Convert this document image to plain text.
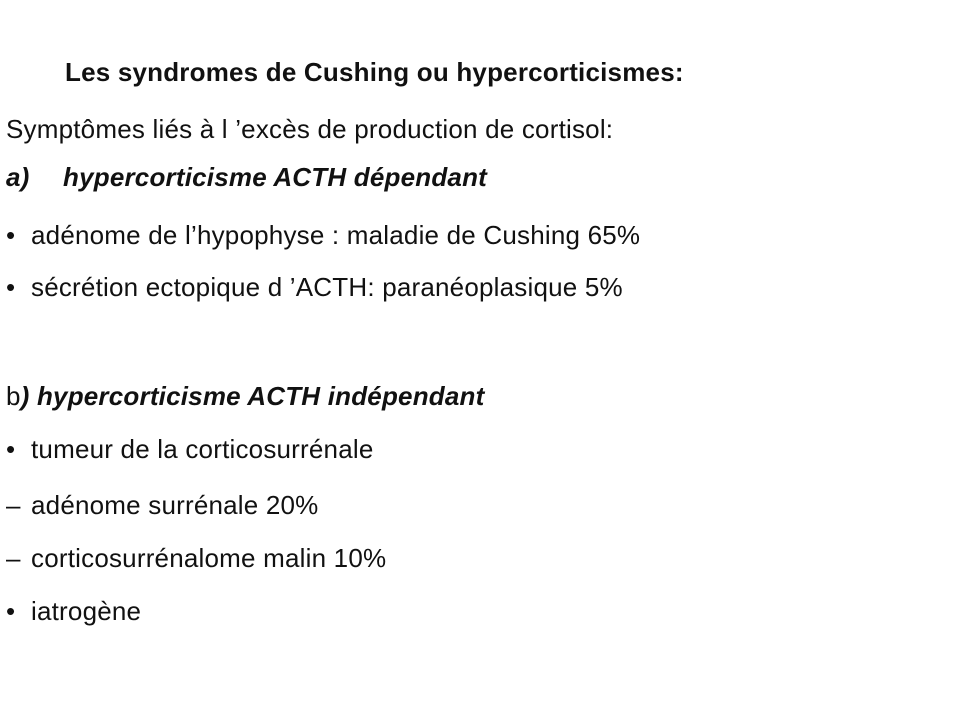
Les syndromes de Cushing ou hypercorticismes:
Symptômes liés à l ’excès de production de cortisol:
a) hypercorticisme ACTH dépendant
• adénome de l’hypophyse : maladie de Cushing 65%
• sécrétion ectopique d ’ACTH: paranéoplasique 5%
b) hypercorticisme ACTH indépendant
• tumeur de la corticosurrénale
– adénome surrénale 20%
– corticosurrénalome malin 10%
• iatrogène
